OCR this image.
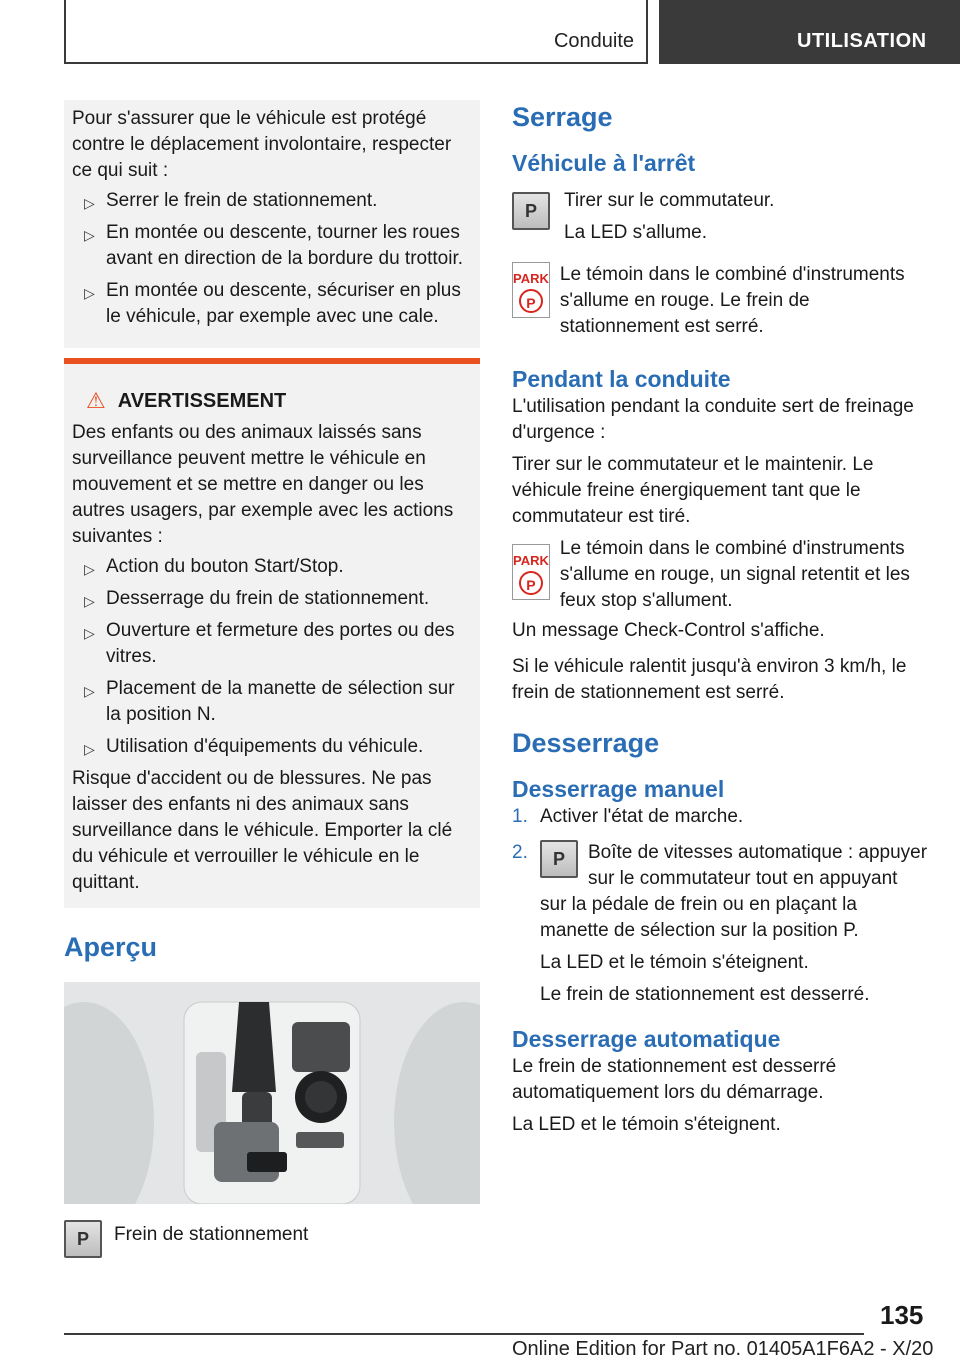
Conduite	UTILISATION

Pour s'assurer que le véhicule est protégé contre le déplacement involontaire, respecter ce qui suit :

▷ Serrer le frein de stationnement.
▷ En montée ou descente, tourner les roues avant en direction de la bordure du trottoir.
▷ En montée ou descente, sécuriser en plus le véhicule, par exemple avec une cale.

⚠ AVERTISSEMENT

Des enfants ou des animaux laissés sans surveillance peuvent mettre le véhicule en mouvement et se mettre en danger ou les autres usagers, par exemple avec les actions suivantes :

▷ Action du bouton Start/Stop.
▷ Desserrage du frein de stationnement.
▷ Ouverture et fermeture des portes ou des vitres.
▷ Placement de la manette de sélection sur la position N.
▷ Utilisation d'équipements du véhicule.

Risque d'accident ou de blessures. Ne pas laisser des enfants ni des animaux sans surveillance dans le véhicule. Emporter la clé du véhicule et verrouiller le véhicule en le quittant.

Aperçu
P	Frein de stationnement
Serrage
Véhicule à l'arrêt
P	Tirer sur le commutateur.

La LED s'allume.

PARK
P

Le témoin dans le combiné d'instruments s'allume en rouge. Le frein de stationnement est serré.

Pendant la conduite

L'utilisation pendant la conduite sert de freinage d'urgence :

Tirer sur le commutateur et le maintenir. Le véhicule freine énergiquement tant que le commutateur est tiré.

PARK
P

Le témoin dans le combiné d'instruments s'allume en rouge, un signal retentit et les feux stop s'allument.

Un message Check-Control s'affiche.

Si le véhicule ralentit jusqu'à environ 3 km/h, le frein de stationnement est serré.

Desserrage
Desserrage manuel
1. Activer l'état de marche.
2.	P	Boîte de vitesses automatique : appuyer sur le commutateur tout en appuyant sur la pédale de frein ou en plaçant la manette de sélection sur la position P.

La LED et le témoin s'éteignent.

Le frein de stationnement est desserré.

Desserrage automatique

Le frein de stationnement est desserré automatiquement lors du démarrage.

La LED et le témoin s'éteignent.

135
Online Edition for Part no. 01405A1F6A2 - X/20
